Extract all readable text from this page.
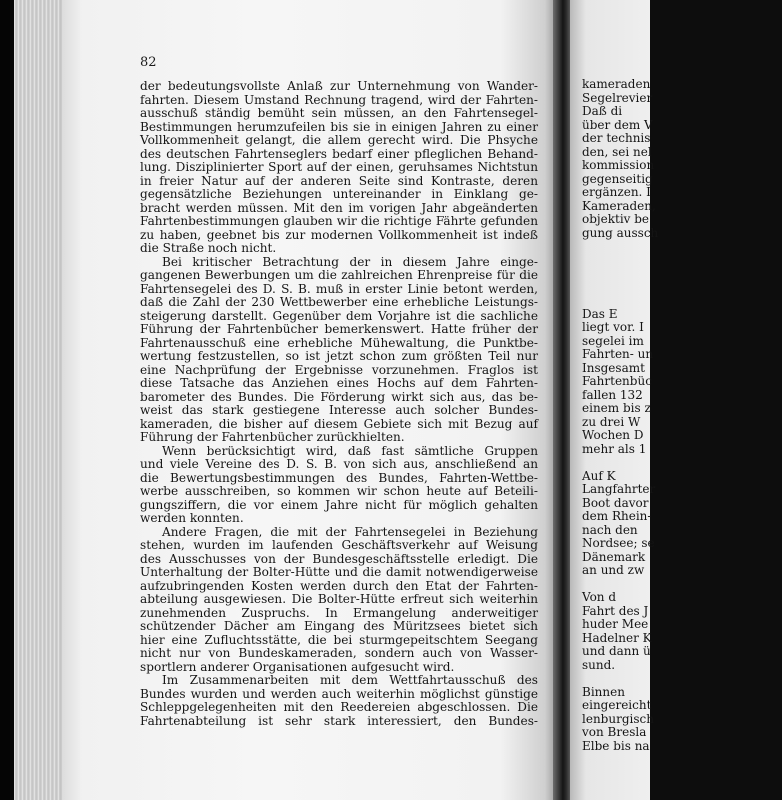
82

der bedeutungsvollste Anlaß zur Unternehmung von Wander-

fahrten. Diesem Umstand Rechnung tragend, wird der Fahrten-

ausschuß ständig bemüht sein müssen, an den Fahrtensegel-

Bestimmungen herumzufeilen bis sie in einigen Jahren zu einer

Vollkommenheit gelangt, die allem gerecht wird. Die Phsyche

des deutschen Fahrtenseglers bedarf einer pfleglichen Behand-

lung. Disziplinierter Sport auf der einen, geruhsames Nichtstun

in freier Natur auf der anderen Seite sind Kontraste, deren

gegensätzliche Beziehungen untereinander in Einklang ge-

bracht werden müssen. Mit den im vorigen Jahr abgeänderten

Fahrtenbestimmungen glauben wir die richtige Fährte gefunden

zu haben, geebnet bis zur modernen Vollkommenheit ist indeß

die Straße noch nicht.

Bei kritischer Betrachtung der in diesem Jahre einge-

gangenen Bewerbungen um die zahlreichen Ehrenpreise für die

Fahrtensegelei des D. S. B. muß in erster Linie betont werden,

daß die Zahl der 230 Wettbewerber eine erhebliche Leistungs-

steigerung darstellt. Gegenüber dem Vorjahre ist die sachliche

Führung der Fahrtenbücher bemerkenswert. Hatte früher der

Fahrtenausschuß eine erhebliche Mühewaltung, die Punktbe-

wertung festzustellen, so ist jetzt schon zum größten Teil nur

eine Nachprüfung der Ergebnisse vorzunehmen. Fraglos ist

diese Tatsache das Anziehen eines Hochs auf dem Fahrten-

barometer des Bundes. Die Förderung wirkt sich aus, das be-

weist das stark gestiegene Interesse auch solcher Bundes-

kameraden, die bisher auf diesem Gebiete sich mit Bezug auf

Führung der Fahrtenbücher zurückhielten.

Wenn berücksichtigt wird, daß fast sämtliche Gruppen

und viele Vereine des D. S. B. von sich aus, anschließend an

die Bewertungsbestimmungen des Bundes, Fahrten-Wettbe-

werbe ausschreiben, so kommen wir schon heute auf Beteili-

gungsziffern, die vor einem Jahre nicht für möglich gehalten

werden konnten.

Andere Fragen, die mit der Fahrtensegelei in Beziehung

stehen, wurden im laufenden Geschäftsverkehr auf Weisung

des Ausschusses von der Bundesgeschäftsstelle erledigt. Die

Unterhaltung der Bolter-Hütte und die damit notwendigerweise

aufzubringenden Kosten werden durch den Etat der Fahrten-

abteilung ausgewiesen. Die Bolter-Hütte erfreut sich weiterhin

zunehmenden Zuspruchs. In Ermangelung anderweitiger

schützender Dächer am Eingang des Müritzsees bietet sich

hier eine Zufluchtsstätte, die bei sturmgepeitschtem Seegang

nicht nur von Bundeskameraden, sondern auch von Wasser-

sportlern anderer Organisationen aufgesucht wird.

Im Zusammenarbeiten mit dem Wettfahrtausschuß des

Bundes wurden und werden auch weiterhin möglichst günstige

Schleppgelegenheiten mit den Reedereien abgeschlossen. Die

Fahrtenabteilung ist sehr stark interessiert, den Bundes-

kameraden
Segelrevier
Daß di
über dem V
der technis
den, sei nel
kommission
gegenseitig
ergänzen. I
Kameraden,
objektiv be
gung aussch
Das E
liegt vor. I
segelei im
Fahrten- un
Insgesamt
Fahrtenbüc
fallen 132
einem bis z
zu drei W
Wochen D
mehr als 1
Auf K
Langfahrter
Boot davor
dem Rhein-
nach den
Nordsee; se
Dänemark
an und zw
Von d
Fahrt des J
huder Mee
Hadelner K
und dann ü
sund.
Binnen
eingereicht
lenburgisch
von Bresla
Elbe bis na
